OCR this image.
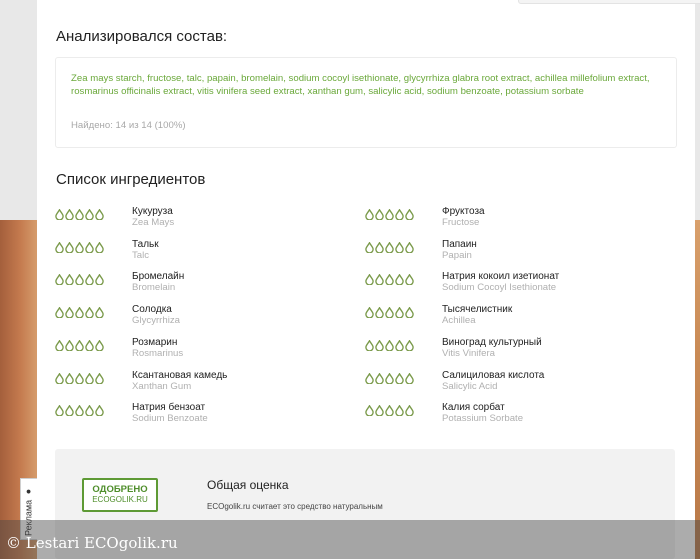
Реклама

●
Анализировался состав:
Zea mays starch, fructose, talc, papain, bromelain, sodium cocoyl isethionate, glycyrrhiza glabra root extract, achillea millefolium extract, rosmarinus officinalis extract, vitis vinifera seed extract, xanthan gum, salicylic acid, sodium benzoate, potassium sorbate
Найдено: 14 из 14 (100%)
Список ингредиентов
Кукуруза
Zea Mays
Тальк
Talc
Бромелайн
Bromelain
Солодка
Glycyrrhiza
Розмарин
Rosmarinus
Ксантановая камедь
Xanthan Gum
Натрия бензоат
Sodium Benzoate
Фруктоза
Fructose
Папаин
Papain
Натрия кокоил изетионат
Sodium Cocoyl Isethionate
Тысячелистник
Achillea
Виноград культурный
Vitis Vinifera
Салициловая кислота
Salicylic Acid
Калия сорбат
Potassium Sorbate
ОДОБРЕНО
ECOGOLIK.RU
Общая оценка
ECOgolik.ru считает это средство натуральным
© Lestari ECOgolik.ru
